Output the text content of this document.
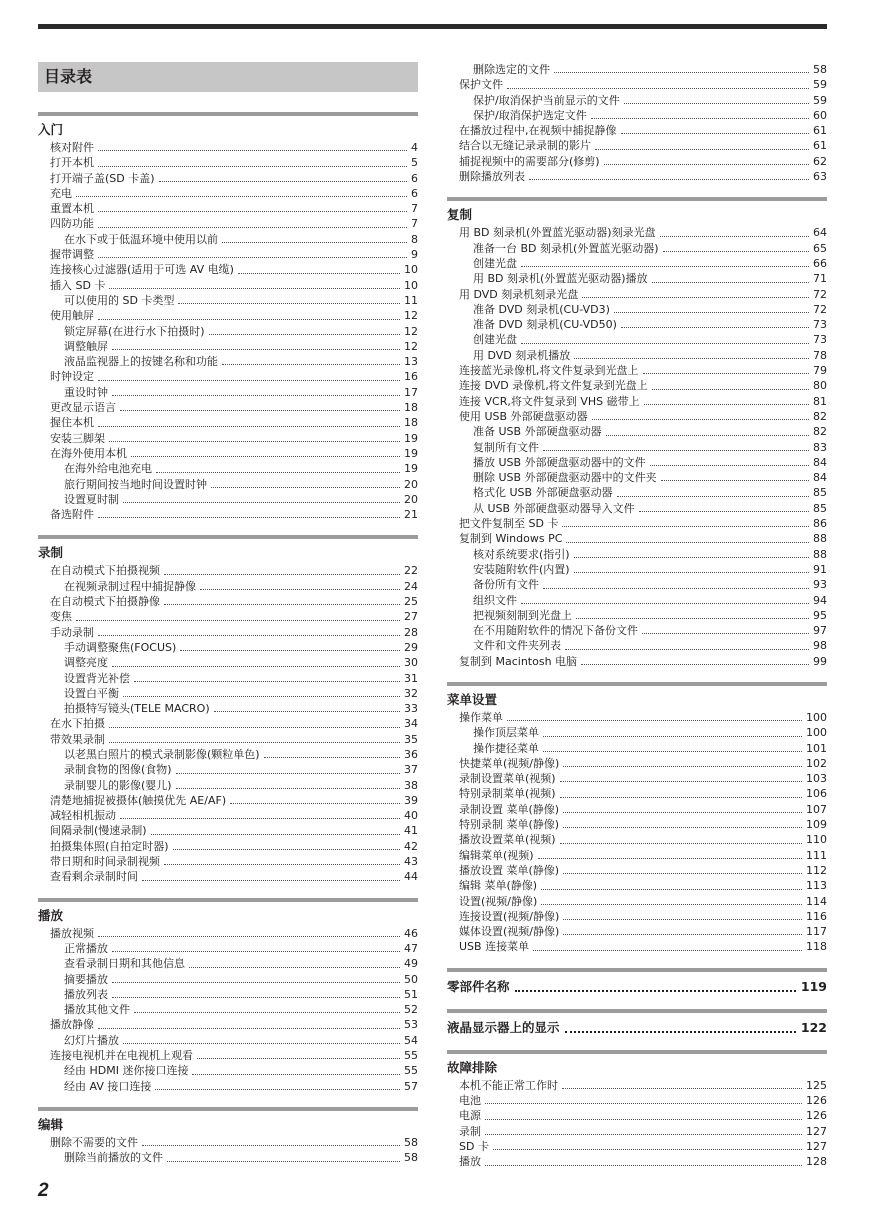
目录表
入门
核对附件	4
打开本机	5
打开端子盖(SD 卡盖)	6
充电	6
重置本机	7
四防功能	7
在水下或于低温环境中使用以前	8
握带调整	9
连接核心过滤器(适用于可选 AV 电缆)	10
插入 SD 卡	10
可以使用的 SD 卡类型	11
使用触屏	12
锁定屏幕(在进行水下拍摄时)	12
调整触屏	12
液晶监视器上的按键名称和功能	13
时钟设定	16
重设时钟	17
更改显示语言	18
握住本机	18
安装三脚架	19
在海外使用本机	19
在海外给电池充电	19
旅行期间按当地时间设置时钟	20
设置夏时制	20
备选附件	21
录制
在自动模式下拍摄视频	22
在视频录制过程中捕捉静像	24
在自动模式下拍摄静像	25
变焦	27
手动录制	28
手动调整聚焦(FOCUS)	29
调整亮度	30
设置背光补偿	31
设置白平衡	32
拍摄特写镜头(TELE MACRO)	33
在水下拍摄	34
带效果录制	35
以老黑白照片的模式录制影像(颗粒单色)	36
录制食物的图像(食物)	37
录制婴儿的影像(婴儿)	38
清楚地捕捉被摄体(触摸优先 AE/AF)	39
减轻相机振动	40
间隔录制(慢速录制)	41
拍摄集体照(自拍定时器)	42
带日期和时间录制视频	43
查看剩余录制时间	44
播放
播放视频	46
正常播放	47
查看录制日期和其他信息	49
摘要播放	50
播放列表	51
播放其他文件	52
播放静像	53
幻灯片播放	54
连接电视机并在电视机上观看	55
经由 HDMI 迷你接口连接	55
经由 AV 接口连接	57
编辑
删除不需要的文件	58
删除当前播放的文件	58
删除选定的文件	58
保护文件	59
保护/取消保护当前显示的文件	59
保护/取消保护选定文件	60
在播放过程中,在视频中捕捉静像	61
结合以无缝记录录制的影片	61
捕捉视频中的需要部分(修剪)	62
删除播放列表	63
复制
用 BD 刻录机(外置蓝光驱动器)刻录光盘	64
准备一台 BD 刻录机(外置蓝光驱动器)	65
创建光盘	66
用 BD 刻录机(外置蓝光驱动器)播放	71
用 DVD 刻录机刻录光盘	72
准备 DVD 刻录机(CU-VD3)	72
准备 DVD 刻录机(CU-VD50)	73
创建光盘	73
用 DVD 刻录机播放	78
连接蓝光录像机,将文件复录到光盘上	79
连接 DVD 录像机,将文件复录到光盘上	80
连接 VCR,将文件复录到 VHS 磁带上	81
使用 USB 外部硬盘驱动器	82
准备 USB 外部硬盘驱动器	82
复制所有文件	83
播放 USB 外部硬盘驱动器中的文件	84
删除 USB 外部硬盘驱动器中的文件夹	84
格式化 USB 外部硬盘驱动器	85
从 USB 外部硬盘驱动器导入文件	85
把文件复制至 SD 卡	86
复制到 Windows PC	88
核对系统要求(指引)	88
安装随附软件(内置)	91
备份所有文件	93
组织文件	94
把视频刻制到光盘上	95
在不用随附软件的情况下备份文件	97
文件和文件夹列表	98
复制到 Macintosh 电脑	99
菜单设置
操作菜单	100
操作顶层菜单	100
操作捷径菜单	101
快捷菜单(视频/静像)	102
录制设置菜单(视频)	103
特别录制菜单(视频)	106
录制设置 菜单(静像)	107
特别录制 菜单(静像)	109
播放设置菜单(视频)	110
编辑菜单(视频)	111
播放设置 菜单(静像)	112
编辑 菜单(静像)	113
设置(视频/静像)	114
连接设置(视频/静像)	116
媒体设置(视频/静像)	117
USB 连接菜单	118
零部件名称	119
液晶显示器上的显示	122
故障排除
本机不能正常工作时	125
电池	126
电源	126
录制	127
SD 卡	127
播放	128
2
